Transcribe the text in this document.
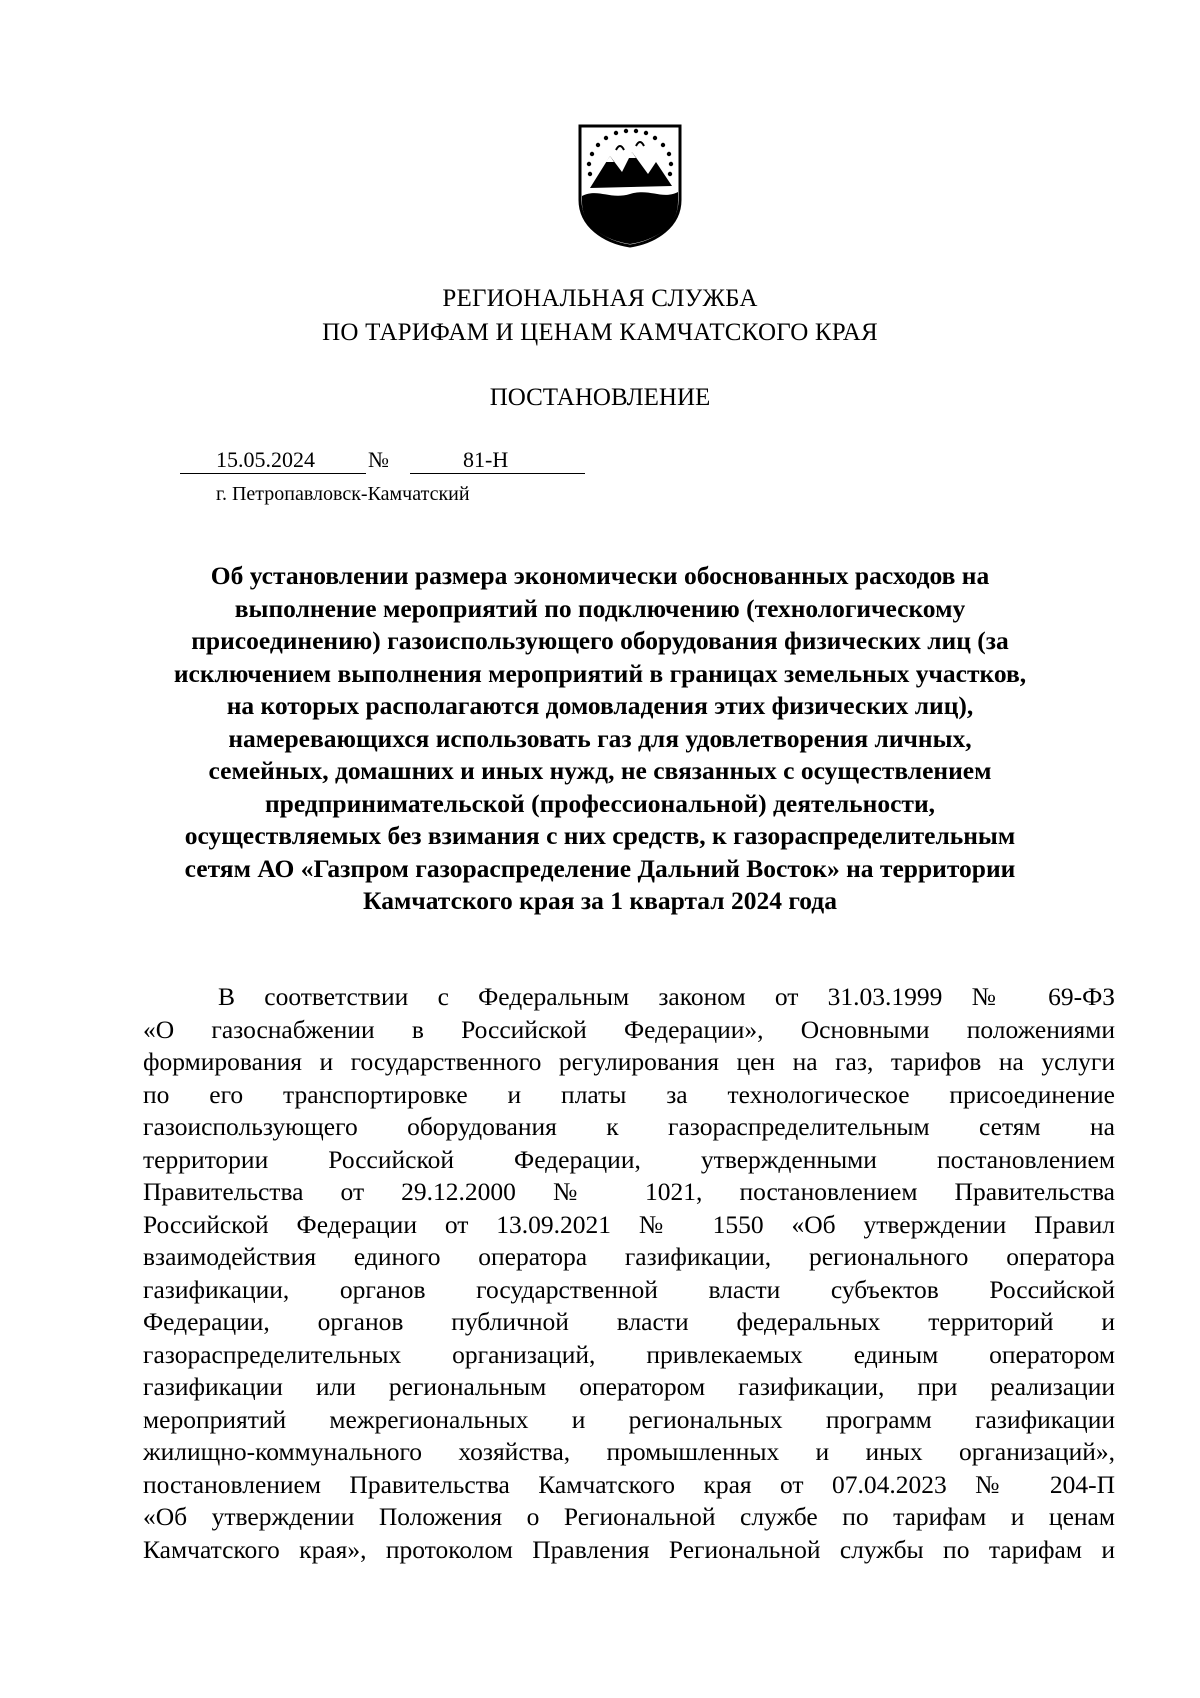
РЕГИОНАЛЬНАЯ СЛУЖБА
ПО ТАРИФАМ И ЦЕНАМ КАМЧАТСКОГО КРАЯ
ПОСТАНОВЛЕНИЕ
15.05.2024 №	81-Н
г. Петропавловск-Камчатский
Об установлении размера экономически обоснованных расходов на
выполнение мероприятий по подключению (технологическому
присоединению) газоиспользующего оборудования физических лиц (за
исключением выполнения мероприятий в границах земельных участков,
на которых располагаются домовладения этих физических лиц),
намеревающихся использовать газ для удовлетворения личных,
семейных, домашних и иных нужд, не связанных с осуществлением
предпринимательской (профессиональной) деятельности,
осуществляемых без взимания с них средств, к газораспределительным
сетям АО «Газпром газораспределение Дальний Восток» на территории
Камчатского края за 1 квартал 2024 года
В соответствии с Федеральным законом от 31.03.1999 № 69-ФЗ
«О газоснабжении в Российской Федерации», Основными положениями
формирования и государственного регулирования цен на газ, тарифов на услуги
по его транспортировке и платы за технологическое присоединение
газоиспользующего оборудования к газораспределительным сетям на
территории Российской Федерации, утвержденными постановлением
Правительства от 29.12.2000 № 1021, постановлением Правительства
Российской Федерации от 13.09.2021 № 1550 «Об утверждении Правил
взаимодействия единого оператора газификации, регионального оператора
газификации, органов государственной власти субъектов Российской
Федерации, органов публичной власти федеральных территорий и
газораспределительных организаций, привлекаемых единым оператором
газификации или региональным оператором газификации, при реализации
мероприятий межрегиональных и региональных программ газификации
жилищно-коммунального хозяйства, промышленных и иных организаций»,
постановлением Правительства Камчатского края от 07.04.2023 № 204-П
«Об утверждении Положения о Региональной службе по тарифам и ценам
Камчатского края», протоколом Правления Региональной службы по тарифам и
